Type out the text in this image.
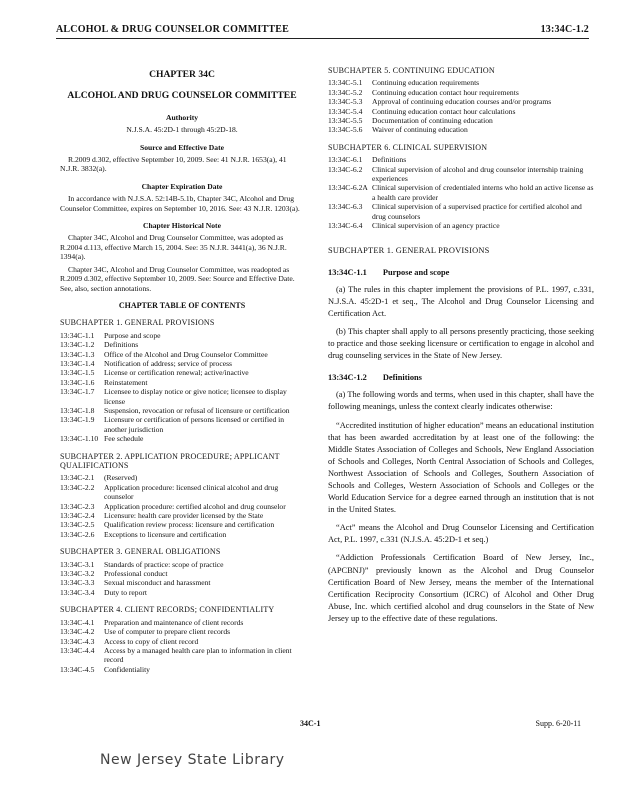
ALCOHOL & DRUG COUNSELOR COMMITTEE	13:34C-1.2
CHAPTER 34C
ALCOHOL AND DRUG COUNSELOR COMMITTEE
Authority
N.J.S.A. 45:2D-1 through 45:2D-18.
Source and Effective Date
R.2009 d.302, effective September 10, 2009. See: 41 N.J.R. 1653(a), 41 N.J.R. 3832(a).
Chapter Expiration Date
In accordance with N.J.S.A. 52:14B-5.1b, Chapter 34C, Alcohol and Drug Counselor Committee, expires on September 10, 2016. See: 43 N.J.R. 1203(a).
Chapter Historical Note
Chapter 34C, Alcohol and Drug Counselor Committee, was adopted as R.2004 d.113, effective March 15, 2004. See: 35 N.J.R. 3441(a), 36 N.J.R. 1394(a).
Chapter 34C, Alcohol and Drug Counselor Committee, was readopted as R.2009 d.302, effective September 10, 2009. See: Source and Effective Date. See, also, section annotations.
CHAPTER TABLE OF CONTENTS
SUBCHAPTER 1. GENERAL PROVISIONS
13:34C-1.1	Purpose and scope
13:34C-1.2	Definitions
13:34C-1.3	Office of the Alcohol and Drug Counselor Committee
13:34C-1.4	Notification of address; service of process
13:34C-1.5	License or certification renewal; active/inactive
13:34C-1.6	Reinstatement
13:34C-1.7	Licensee to display notice or give notice; licensee to display license
13:34C-1.8	Suspension, revocation or refusal of licensure or certification
13:34C-1.9	Licensure or certification of persons licensed or certified in another jurisdiction
13:34C-1.10 Fee schedule
SUBCHAPTER 2. APPLICATION PROCEDURE; APPLICANT QUALIFICATIONS
13:34C-2.1	(Reserved)
13:34C-2.2	Application procedure: licensed clinical alcohol and drug counselor
13:34C-2.3	Application procedure: certified alcohol and drug counselor
13:34C-2.4	Licensure: health care provider licensed by the State
13:34C-2.5	Qualification review process: licensure and certification
13:34C-2.6	Exceptions to licensure and certification
SUBCHAPTER 3. GENERAL OBLIGATIONS
13:34C-3.1	Standards of practice: scope of practice
13:34C-3.2	Professional conduct
13:34C-3.3	Sexual misconduct and harassment
13:34C-3.4	Duty to report
SUBCHAPTER 4. CLIENT RECORDS; CONFIDENTIALITY
13:34C-4.1	Preparation and maintenance of client records
13:34C-4.2	Use of computer to prepare client records
13:34C-4.3	Access to copy of client record
13:34C-4.4	Access by a managed health care plan to information in client record
13:34C-4.5	Confidentiality
SUBCHAPTER 5. CONTINUING EDUCATION
13:34C-5.1	Continuing education requirements
13:34C-5.2	Continuing education contact hour requirements
13:34C-5.3	Approval of continuing education courses and/or programs
13:34C-5.4	Continuing education contact hour calculations
13:34C-5.5	Documentation of continuing education
13:34C-5.6	Waiver of continuing education
SUBCHAPTER 6. CLINICAL SUPERVISION
13:34C-6.1	Definitions
13:34C-6.2	Clinical supervision of alcohol and drug counselor internship training experiences
13:34C-6.2A Clinical supervision of credentialed interns who hold an active license as a health care provider
13:34C-6.3	Clinical supervision of a supervised practice for certified alcohol and drug counselors
13:34C-6.4	Clinical supervision of an agency practice
SUBCHAPTER 1. GENERAL PROVISIONS
13:34C-1.1 Purpose and scope
(a) The rules in this chapter implement the provisions of P.L. 1997, c.331, N.J.S.A. 45:2D-1 et seq., The Alcohol and Drug Counselor Licensing and Certification Act.
(b) This chapter shall apply to all persons presently practicing, those seeking to practice and those seeking licensure or certification to engage in alcohol and drug counseling services in the State of New Jersey.
13:34C-1.2 Definitions
(a) The following words and terms, when used in this chapter, shall have the following meanings, unless the context clearly indicates otherwise:
“Accredited institution of higher education” means an educational institution that has been awarded accreditation by at least one of the following: the Middle States Association of Colleges and Schools, New England Association of Schools and Colleges, North Central Association of Schools and Colleges, Northwest Association of Schools and Colleges, Southern Association of Schools and Colleges, Western Association of Schools and Colleges or the World Education Service for a degree earned through an institution that is not in the United States.
“Act” means the Alcohol and Drug Counselor Licensing and Certification Act, P.L. 1997, c.331 (N.J.S.A. 45:2D-1 et seq.)
“Addiction Professionals Certification Board of New Jersey, Inc., (APCBNJ)” previously known as the Alcohol and Drug Counselor Certification Board of New Jersey, means the member of the International Certification Reciprocity Consortium (ICRC) of Alcohol and Other Drug Abuse, Inc. which certified alcohol and drug counselors in the State of New Jersey up to the effective date of these regulations.
34C-1	Supp. 6-20-11
New Jersey State Library
